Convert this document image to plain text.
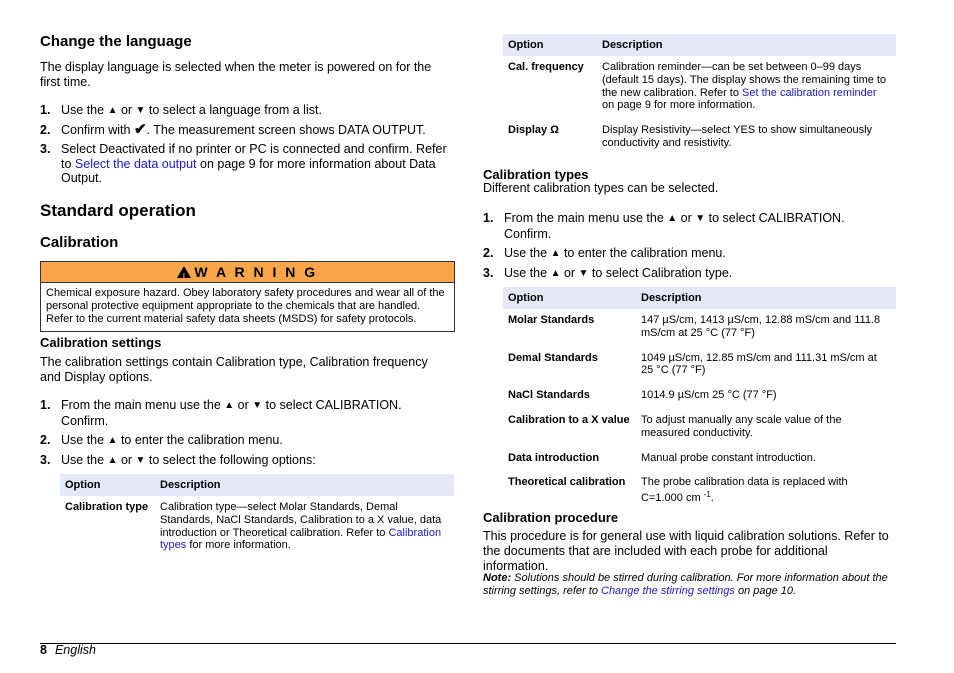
Change the language
The display language is selected when the meter is powered on for the first time.
1. Use the ▲ or ▼ to select a language from a list.
2. Confirm with ✔. The measurement screen shows DATA OUTPUT.
3. Select Deactivated if no printer or PC is connected and confirm. Refer to Select the data output on page 9 for more information about Data Output.
Standard operation
Calibration
!W A R N I N G
Chemical exposure hazard. Obey laboratory safety procedures and wear all of the personal protective equipment appropriate to the chemicals that are handled. Refer to the current material safety data sheets (MSDS) for safety protocols.
Calibration settings
The calibration settings contain Calibration type, Calibration frequency and Display options.
1. From the main menu use the ▲ or ▼ to select CALIBRATION. Confirm.
2. Use the ▲ to enter the calibration menu.
3. Use the ▲ or ▼ to select the following options:
Option	Description
Calibration type	Calibration type—select Molar Standards, Demal Standards, NaCl Standards, Calibration to a X value, data introduction or Theoretical calibration. Refer to Calibration types for more information.
Option	Description
Cal. frequency	Calibration reminder—can be set between 0–99 days (default 15 days). The display shows the remaining time to the new calibration. Refer to Set the calibration reminder on page 9 for more information.
Display Ω	Display Resistivity—select YES to show simultaneously conductivity and resistivity.
Calibration types
Different calibration types can be selected.
1. From the main menu use the ▲ or ▼ to select CALIBRATION. Confirm.
2. Use the ▲ to enter the calibration menu.
3. Use the ▲ or ▼ to select Calibration type.
Option	Description
Molar Standards	147 µS/cm, 1413 µS/cm, 12.88 mS/cm and 111.8 mS/cm at 25 °C (77 °F)
Demal Standards	1049 µS/cm, 12.85 mS/cm and 111.31 mS/cm at 25 °C (77 °F)
NaCl Standards	1014.9 µS/cm 25 °C (77 °F)
Calibration to a X value	To adjust manually any scale value of the measured conductivity.
Data introduction	Manual probe constant introduction.
Theoretical calibration	The probe calibration data is replaced with C=1.000 cm $^{-1}$.
Calibration procedure
This procedure is for general use with liquid calibration solutions. Refer to the documents that are included with each probe for additional information.
Note: Solutions should be stirred during calibration. For more information about the stirring settings, refer to Change the stirring settings on page 10.
8 English
